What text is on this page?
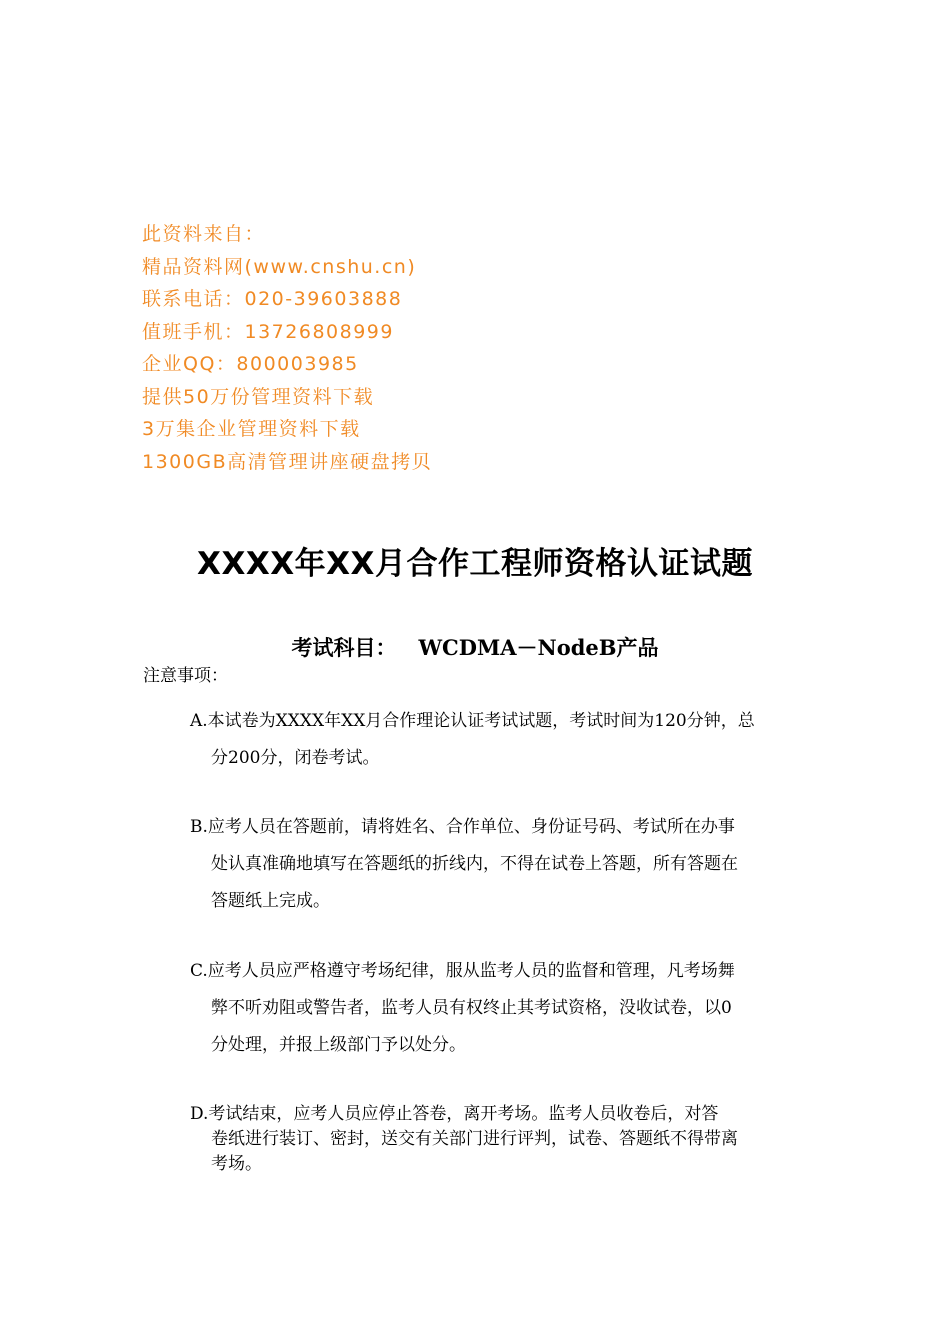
此资料来自：
精品资料网(www.cnshu.cn)
联系电话：020-39603888
值班手机：13726808999
企业QQ：800003985
提供50万份管理资料下载
3万集企业管理资料下载
1300GB高清管理讲座硬盘拷贝
XXXX年XX月合作工程师资格认证试题
考试科目： WCDMA－NodeB产品
注意事项：
A.本试卷为XXXX年XX月合作理论认证考试试题，考试时间为120分钟，总
分200分，闭卷考试。
B.应考人员在答题前，请将姓名、合作单位、身份证号码、考试所在办事
处认真准确地填写在答题纸的折线内，不得在试卷上答题，所有答题在
答题纸上完成。
C.应考人员应严格遵守考场纪律，服从监考人员的监督和管理，凡考场舞
弊不听劝阻或警告者，监考人员有权终止其考试资格，没收试卷，以0
分处理，并报上级部门予以处分。
D.考试结束，应考人员应停止答卷，离开考场。监考人员收卷后，对答
卷纸进行装订、密封，送交有关部门进行评判，试卷、答题纸不得带离
考场。
